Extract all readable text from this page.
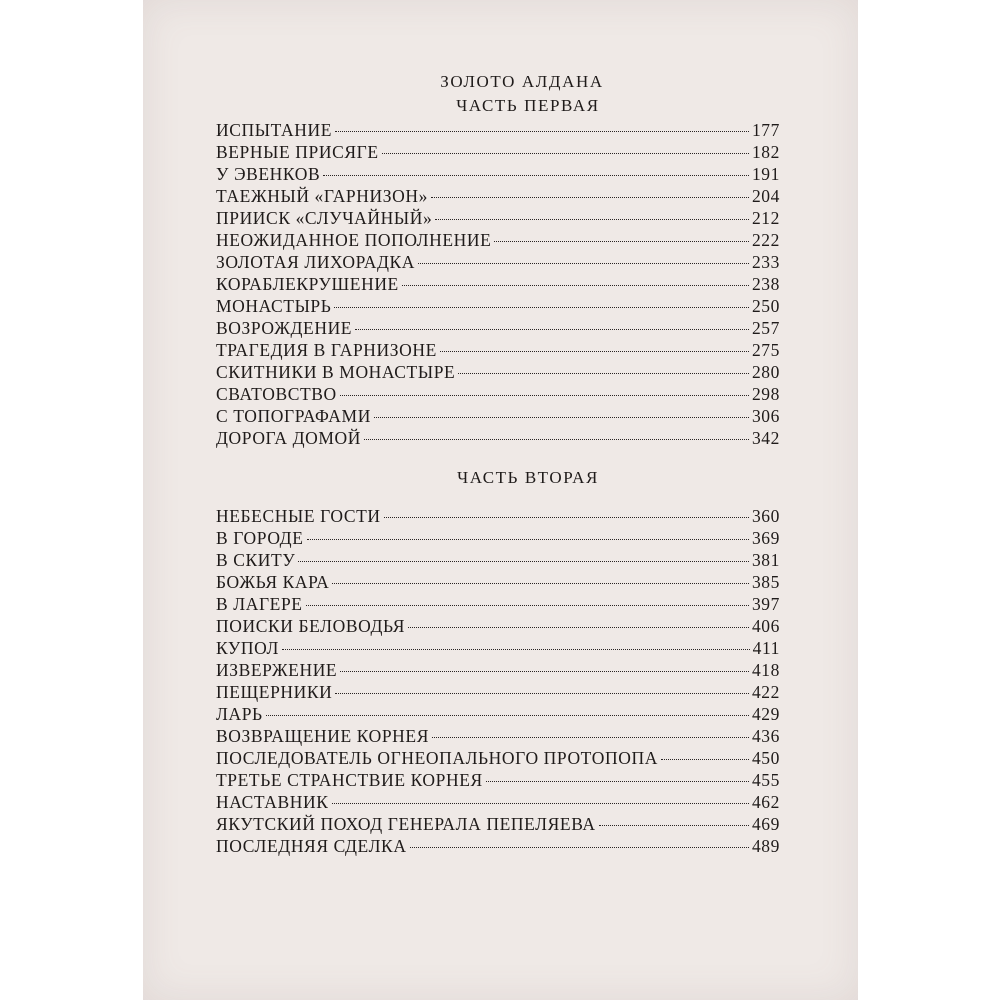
ЗОЛОТО АЛДАНА
ЧАСТЬ ПЕРВАЯ
ИСПЫТАНИЕ	177
ВЕРНЫЕ ПРИСЯГЕ	182
У ЭВЕНКОВ	191
ТАЕЖНЫЙ «ГАРНИЗОН»	204
ПРИИСК «СЛУЧАЙНЫЙ»	212
НЕОЖИДАННОЕ ПОПОЛНЕНИЕ	222
ЗОЛОТАЯ ЛИХОРАДКА	233
КОРАБЛЕКРУШЕНИЕ	238
МОНАСТЫРЬ	250
ВОЗРОЖДЕНИЕ	257
ТРАГЕДИЯ В ГАРНИЗОНЕ	275
СКИТНИКИ В МОНАСТЫРЕ	280
СВАТОВСТВО	298
С ТОПОГРАФАМИ	306
ДОРОГА ДОМОЙ	342
ЧАСТЬ ВТОРАЯ
НЕБЕСНЫЕ ГОСТИ	360
В ГОРОДЕ	369
В СКИТУ	381
БОЖЬЯ КАРА	385
В ЛАГЕРЕ	397
ПОИСКИ БЕЛОВОДЬЯ	406
КУПОЛ	411
ИЗВЕРЖЕНИЕ	418
ПЕЩЕРНИКИ	422
ЛАРЬ	429
ВОЗВРАЩЕНИЕ КОРНЕЯ	436
ПОСЛЕДОВАТЕЛЬ ОГНЕОПАЛЬНОГО ПРОТОПОПА	450
ТРЕТЬЕ СТРАНСТВИЕ КОРНЕЯ	455
НАСТАВНИК	462
ЯКУТСКИЙ ПОХОД ГЕНЕРАЛА ПЕПЕЛЯЕВА	469
ПОСЛЕДНЯЯ СДЕЛКА	489
